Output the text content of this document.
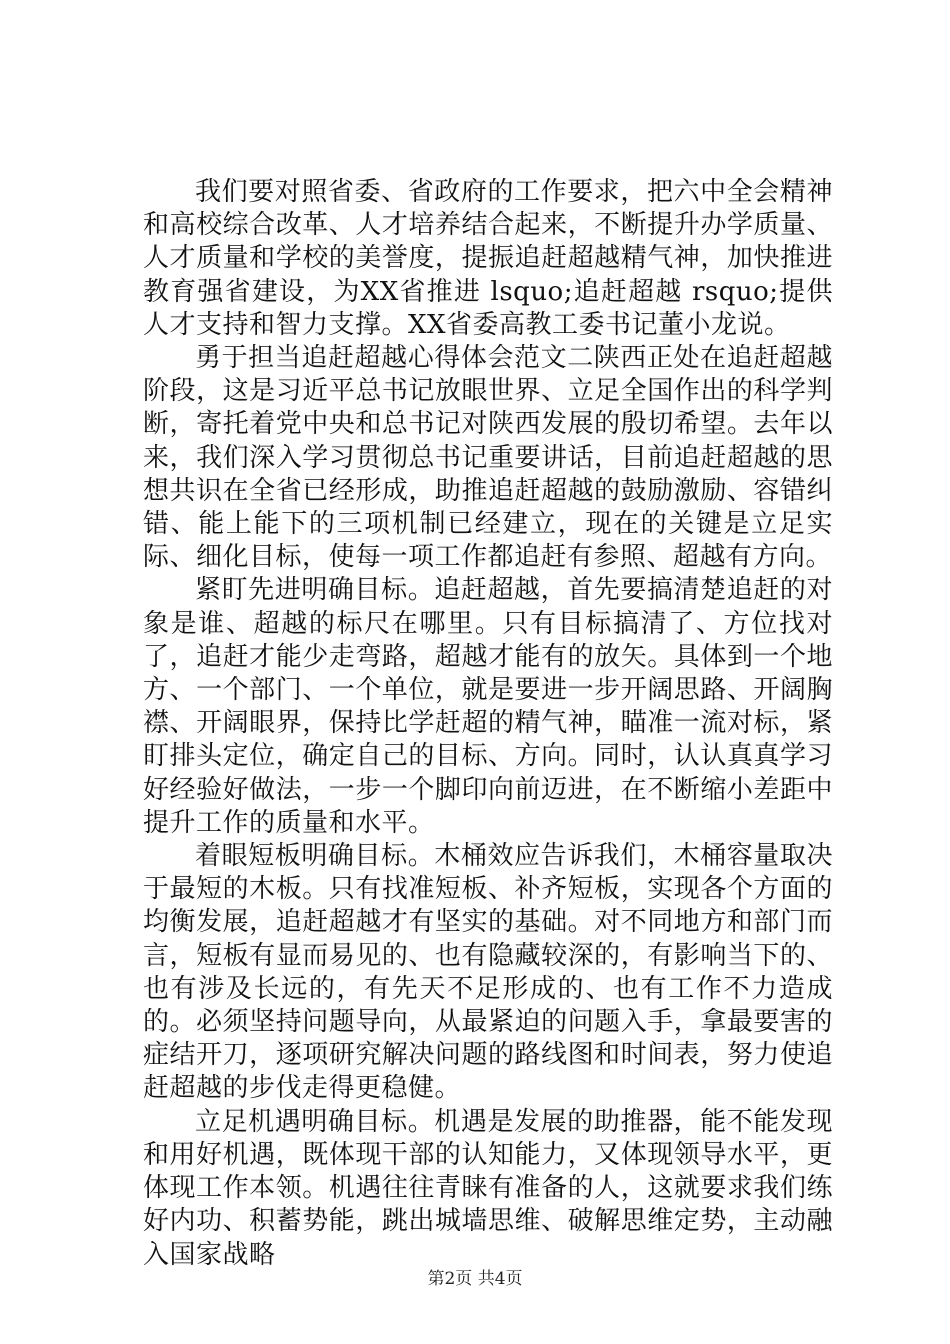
我们要对照省委、省政府的工作要求，把六中全会精神和高校综合改革、人才培养结合起来，不断提升办学质量、人才质量和学校的美誉度，提振追赶超越精气神，加快推进教育强省建设，为XX省推进 lsquo;追赶超越 rsquo;提供人才支持和智力支撑。XX省委高教工委书记董小龙说。

勇于担当追赶超越心得体会范文二陕西正处在追赶超越阶段，这是习近平总书记放眼世界、立足全国作出的科学判断，寄托着党中央和总书记对陕西发展的殷切希望。去年以来，我们深入学习贯彻总书记重要讲话，目前追赶超越的思想共识在全省已经形成，助推追赶超越的鼓励激励、容错纠错、能上能下的三项机制已经建立，现在的关键是立足实际、细化目标，使每一项工作都追赶有参照、超越有方向。

紧盯先进明确目标。追赶超越，首先要搞清楚追赶的对象是谁、超越的标尺在哪里。只有目标搞清了、方位找对了，追赶才能少走弯路，超越才能有的放矢。具体到一个地方、一个部门、一个单位，就是要进一步开阔思路、开阔胸襟、开阔眼界，保持比学赶超的精气神，瞄准一流对标，紧盯排头定位，确定自己的目标、方向。同时，认认真真学习好经验好做法，一步一个脚印向前迈进，在不断缩小差距中提升工作的质量和水平。

着眼短板明确目标。木桶效应告诉我们，木桶容量取决于最短的木板。只有找准短板、补齐短板，实现各个方面的均衡发展，追赶超越才有坚实的基础。对不同地方和部门而言，短板有显而易见的、也有隐藏较深的，有影响当下的、也有涉及长远的，有先天不足形成的、也有工作不力造成的。必须坚持问题导向，从最紧迫的问题入手，拿最要害的症结开刀，逐项研究解决问题的路线图和时间表，努力使追赶超越的步伐走得更稳健。

立足机遇明确目标。机遇是发展的助推器，能不能发现和用好机遇，既体现干部的认知能力，又体现领导水平，更体现工作本领。机遇往往青睐有准备的人，这就要求我们练好内功、积蓄势能，跳出城墙思维、破解思维定势，主动融入国家战略

第2页 共4页
